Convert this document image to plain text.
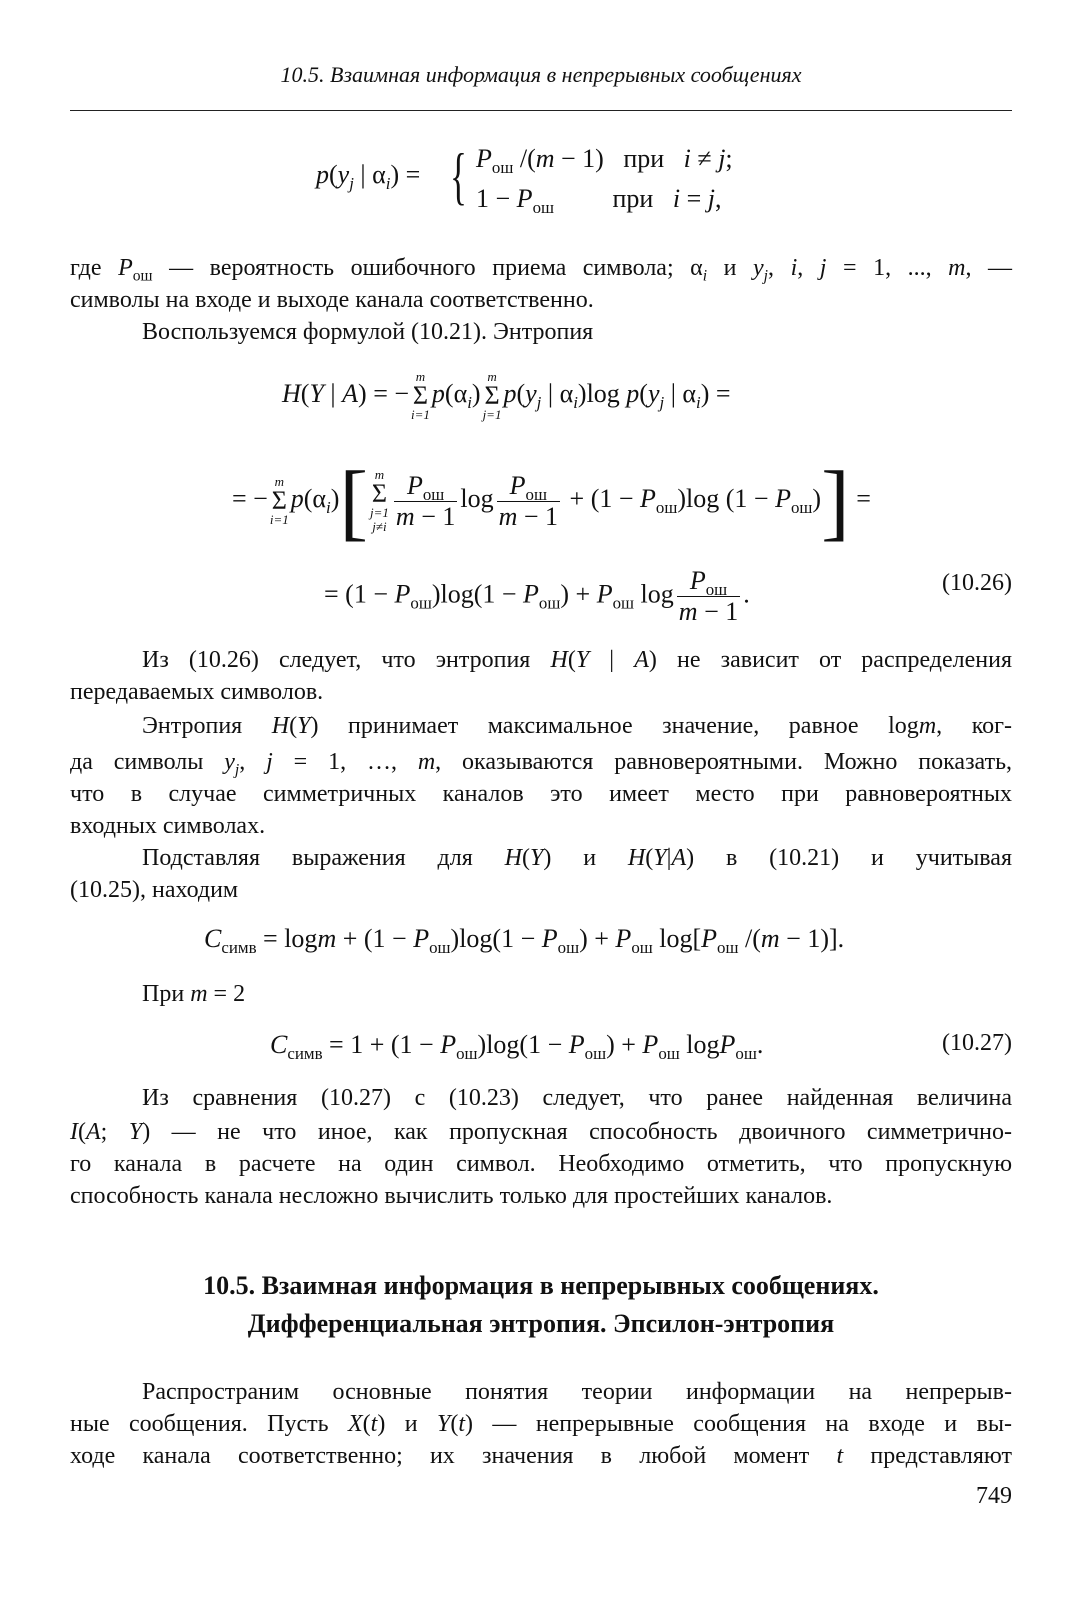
10.5. Взаимная информация в непрерывных сообщениях
$p(y_j$ | $\alpha_i$) = { $P_{ош}$ /(m − 1)   при   i ≠ j;
$1 - P_{ош}$         при   i = j,
где $P_{ош}$ — вероятность ошибочного приема символа; $\alpha_i$ и $y_j$, i, j = 1, ..., m, —
символы на входе и выходе канала соответственно.
Воспользуемся формулой (10.21). Энтропия
H(Y | A) = −
m
Σ
i=1
$p(\alpha_i)$
m
Σ
j=1
$p(y_j$ | $\alpha_i)\log$ $p(y_j$ | $\alpha_i$) =
= −
m
Σ
i=1
$p(\alpha_i)$[ m
Σ
j=1
$j\ne i \frac{P_{ош}}{m - 1}$ $\log \frac{P_{ош}}{m - 1} + (1 - P_{ош})\log$ $(1 - P_{ош})$] =
= $(1 - P_{ош})\log(1 - P_{ош}) + P_{ош}$ $\log \frac{P_{ош}}{m - 1}$ .	(10.26)
Из (10.26) следует, что энтропия H(Y | A) не зависит от распределения
передаваемых символов.
Энтропия H(Y) принимает максимальное значение, равное logm, ког-
да символы $y_j$, j = 1, …, m, оказываются равновероятными. Можно показать,
что в случае симметричных каналов это имеет место при равновероятных
входных символах.
Подставляя выражения для H(Y) и H(Y|A) в (10.21) и учитывая
(10.25), находим
$C_{симв} = \log m + (1 - P_{ош})\log(1 - P_{ош}) + P_{ош}$ $\log[P_{ош}$ /(m − 1)].
При m = 2
$C_{симв} = 1 + (1 - P_{ош})\log(1 - P_{ош}) + P_{ош}$ logP$_{ош}$.	(10.27)
Из сравнения (10.27) с (10.23) следует, что ранее найденная величина
I(A; Y) — не что иное, как пропускная способность двоичного симметрично-
го канала в расчете на один символ. Необходимо отметить, что пропускную
способность канала несложно вычислить только для простейших каналов.
10.5. Взаимная информация в непрерывных сообщениях.
Дифференциальная энтропия. Эпсилон-энтропия
Распространим основные понятия теории информации на непрерыв-
ные сообщения. Пусть X(t) и Y(t) — непрерывные сообщения на входе и вы-
ходе канала соответственно; их значения в любой момент t представляют
749
